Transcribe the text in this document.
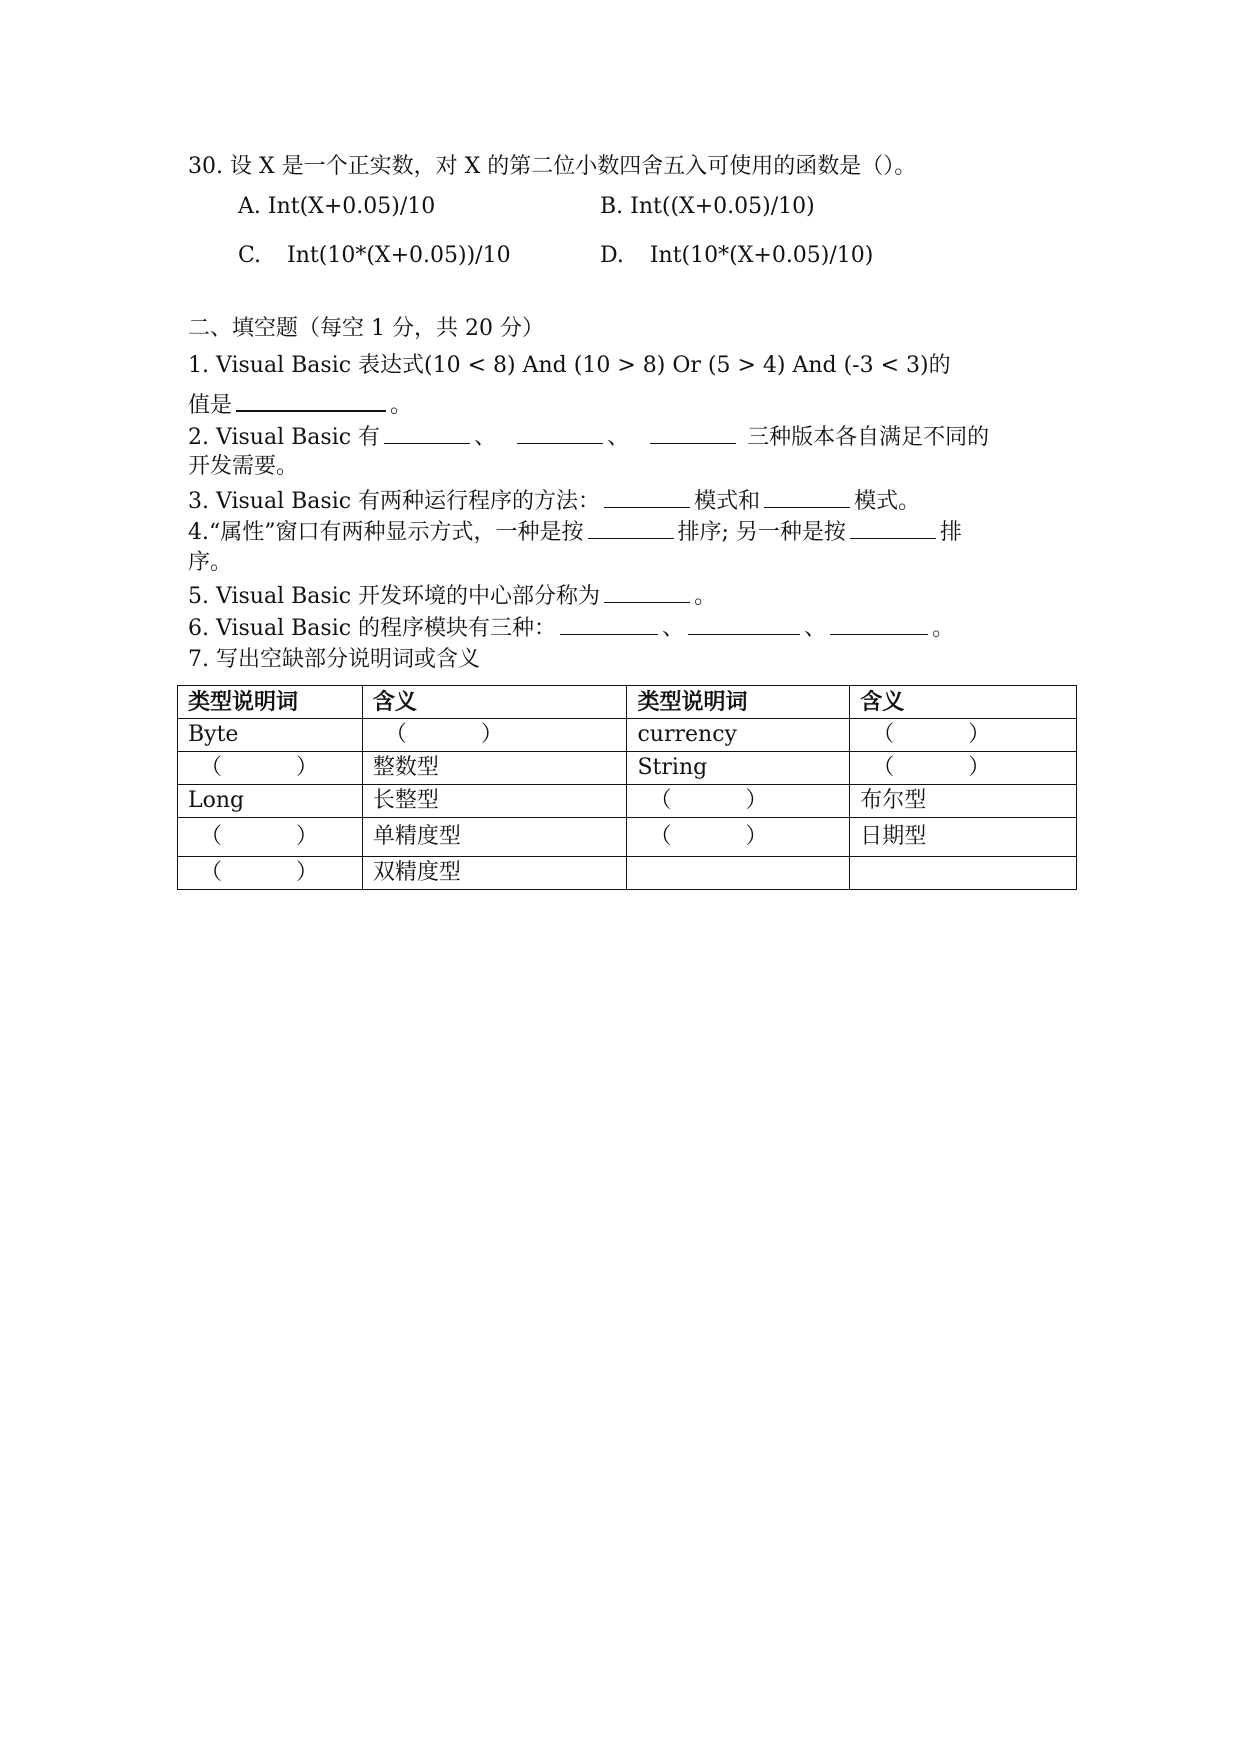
30. 设 X 是一个正实数，对 X 的第二位小数四舍五入可使用的函数是（）。
A. Int(X+0.05)/10	B. Int((X+0.05)/10)
C. Int(10*(X+0.05))/10	D. Int(10*(X+0.05)/10)
二、填空题（每空 1 分，共 20 分）
1. Visual Basic 表达式(10 < 8) And (10 > 8) Or (5 > 4) And (-3 < 3)的
值是	。
2. Visual Basic 有	、	、	三种版本各自满足不同的
开发需要。
3. Visual Basic 有两种运行程序的方法：	模式和	模式。
4.“属性”窗口有两种显示方式，一种是按	排序; 另一种是按	排
序。
5. Visual Basic 开发环境的中心部分称为	。
6. Visual Basic 的程序模块有三种：	、	、	。
7. 写出空缺部分说明词或含义
类型说明词	含义	类型说明词	含义
Byte	（ ）	currency	（ ）

（ ）	整数型	String	（ ）

Long	长整型	（ ）	布尔型

（ ）	单精度型	（ ）	日期型

（ ）	双精度型		
